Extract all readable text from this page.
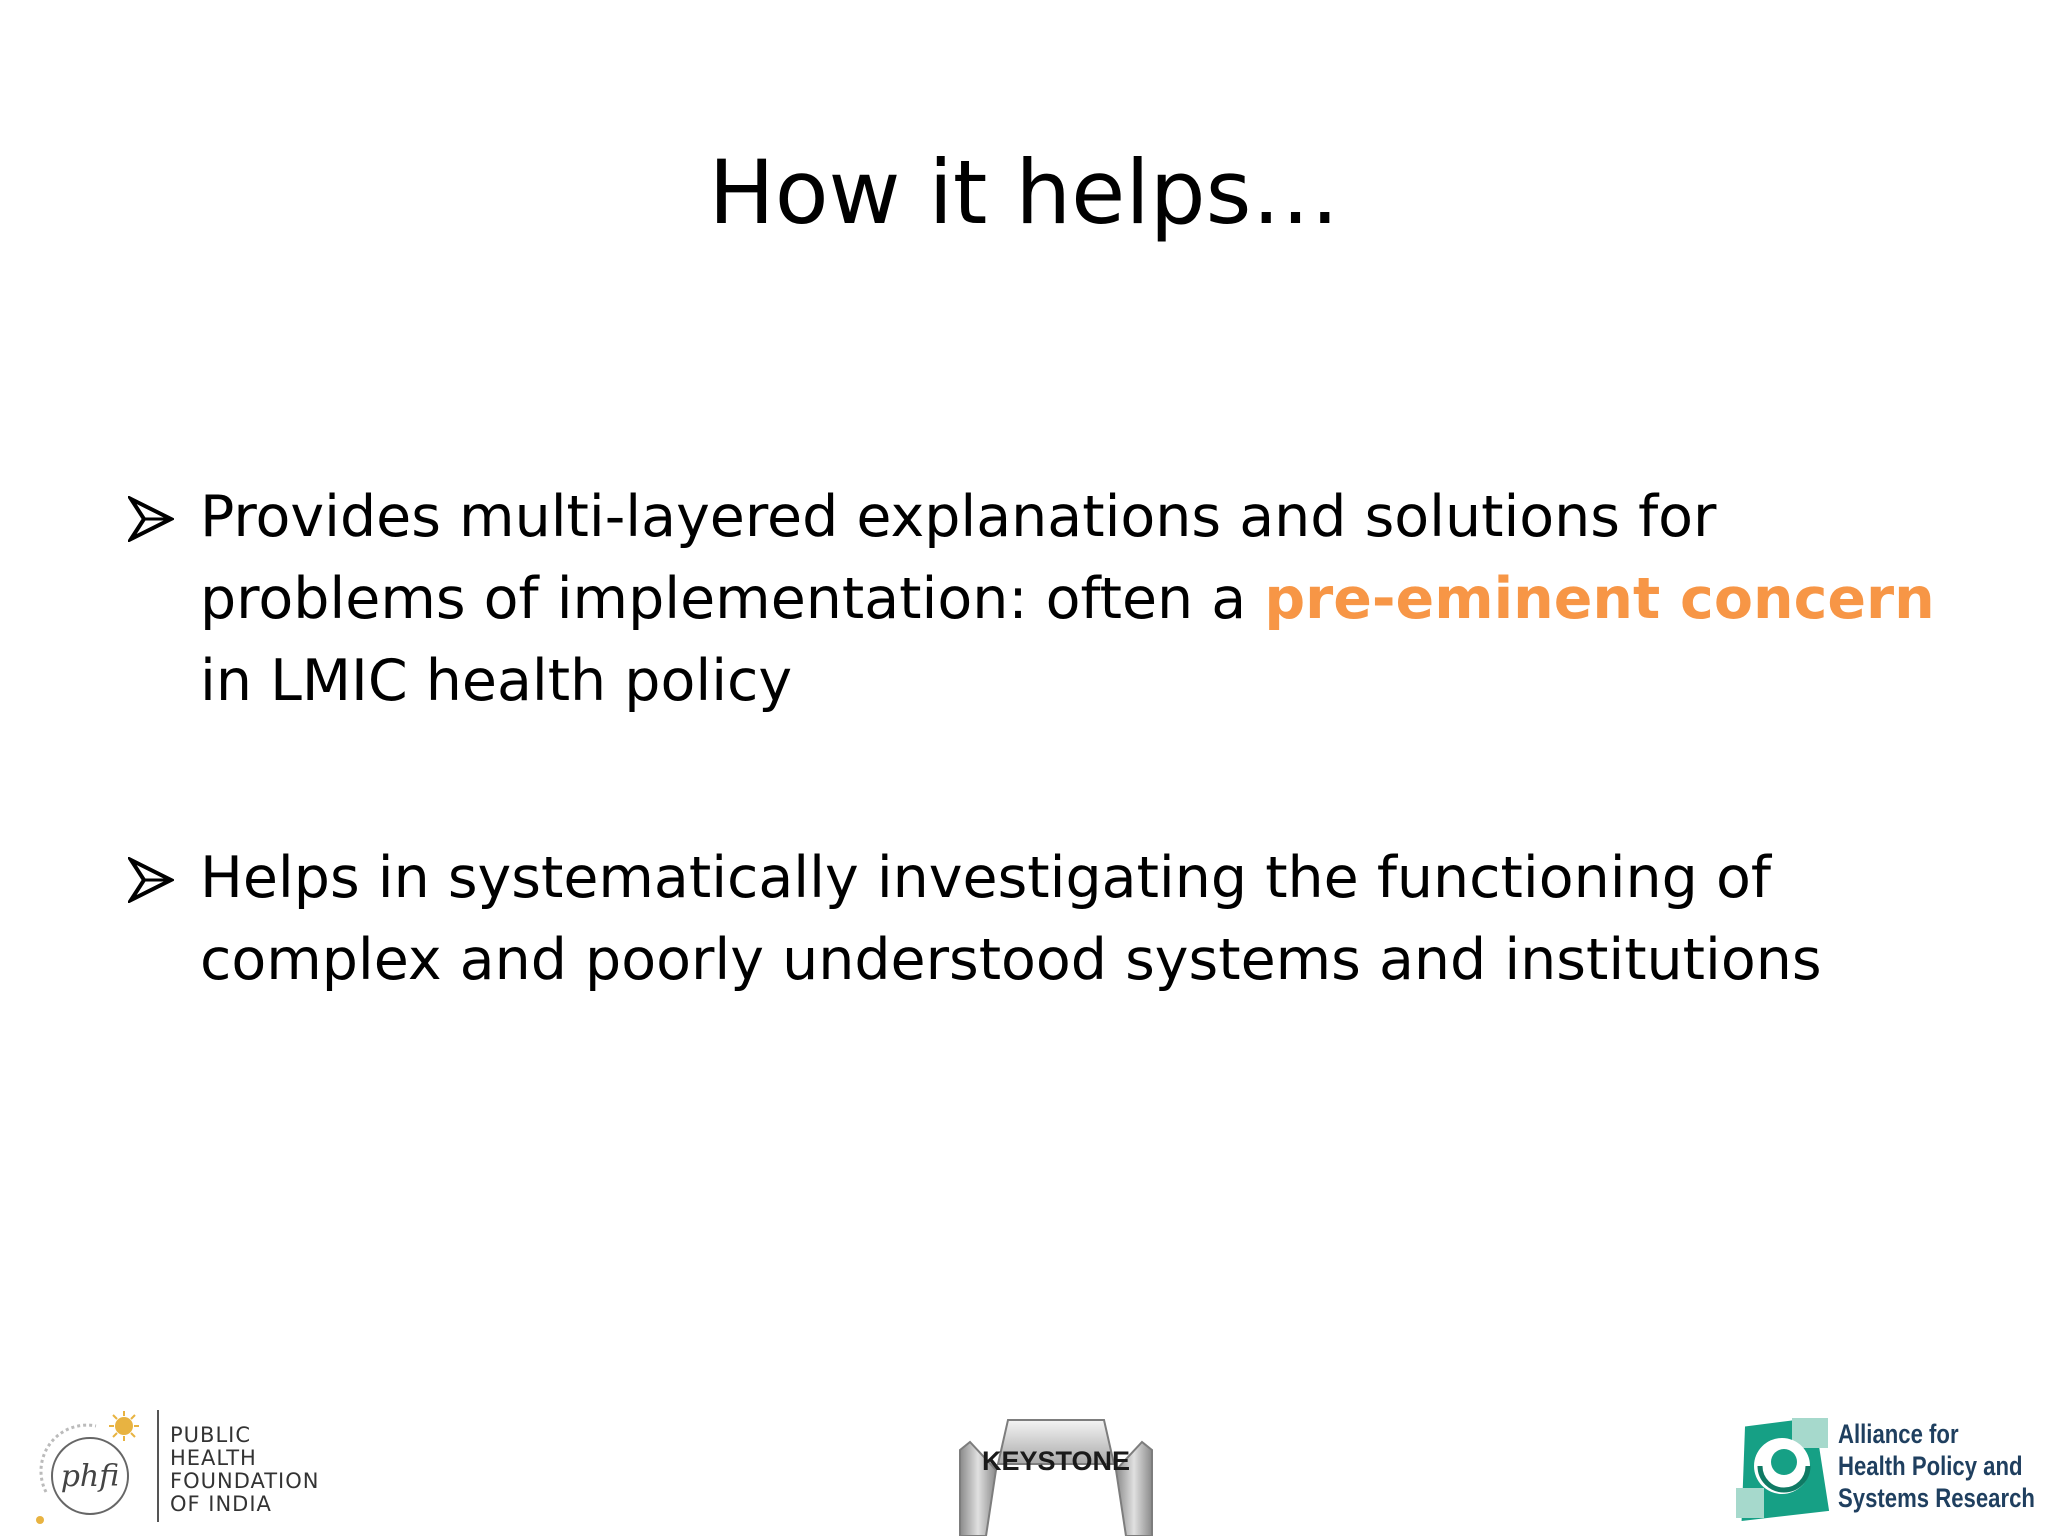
How it helps…
Provides multi-layered explanations and solutions for problems of implementation: often a pre-eminent concern in LMIC health policy
Helps in systematically investigating the functioning of complex and poorly understood systems and institutions
phfi
PUBLIC
HEALTH
FOUNDATION
OF INDIA
KEYSTONE
Alliance for
Health Policy and
Systems Research
